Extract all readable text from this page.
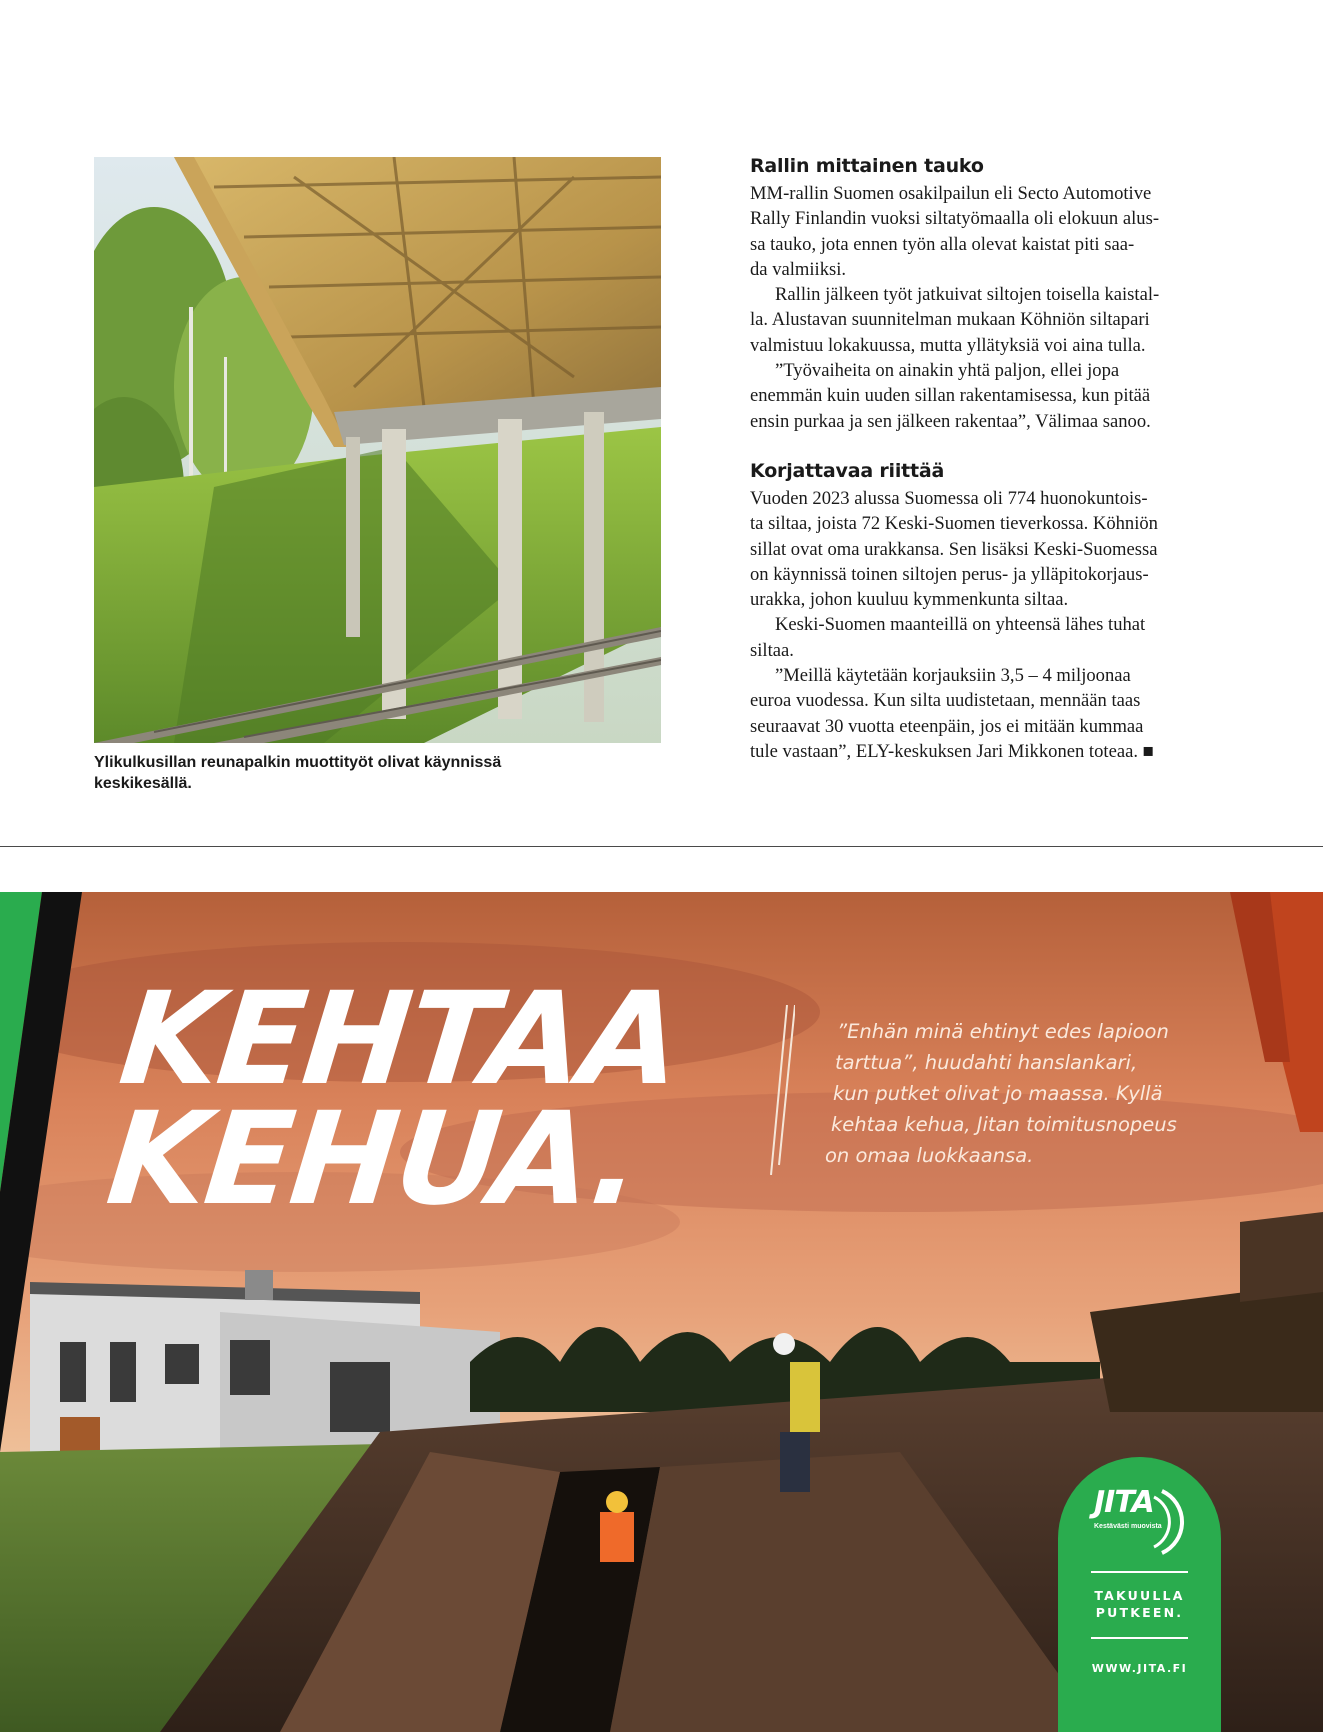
Ylikulkusillan reunapalkin muottityöt olivat käynnissä
keskikesällä.
Rallin mittainen tauko

MM-rallin Suomen osakilpailun eli Secto Automotive
Rally Finlandin vuoksi siltatyömaalla oli elokuun alus-
sa tauko, jota ennen työn alla olevat kaistat piti saa-
da valmiiksi.

Rallin jälkeen työt jatkuivat siltojen toisella kaistal-
la. Alustavan suunnitelman mukaan Köhniön siltapari
valmistuu lokakuussa, mutta yllätyksiä voi aina tulla.

”Työvaiheita on ainakin yhtä paljon, ellei jopa
enemmän kuin uuden sillan rakentamisessa, kun pitää
ensin purkaa ja sen jälkeen rakentaa”, Välimaa sanoo.

Korjattavaa riittää

Vuoden 2023 alussa Suomessa oli 774 huonokuntois-
ta siltaa, joista 72 Keski-Suomen tieverkossa. Köhniön
sillat ovat oma urakkansa. Sen lisäksi Keski-Suomessa
on käynnissä toinen siltojen perus- ja ylläpitokorjaus-
urakka, johon kuuluu kymmenkunta siltaa.

Keski-Suomen maanteillä on yhteensä lähes tuhat
siltaa.

”Meillä käytetään korjauksiin 3,5 – 4 miljoonaa
euroa vuodessa. Kun silta uudistetaan, mennään taas
seuraavat 30 vuotta eteenpäin, jos ei mitään kummaa
tule vastaan”, ELY-keskuksen Jari Mikkonen toteaa. ■

KEHTAA
KEHUA.
”Enhän minä ehtinyt edes lapioon
tarttua”, huudahti hanslankari,
kun putket olivat jo maassa. Kyllä
kehtaa kehua, Jitan toimitusnopeus
on omaa luokkaansa.
JITA
Kestävästi muovista
TAKUULLA
PUTKEEN.
WWW.JITA.FI
